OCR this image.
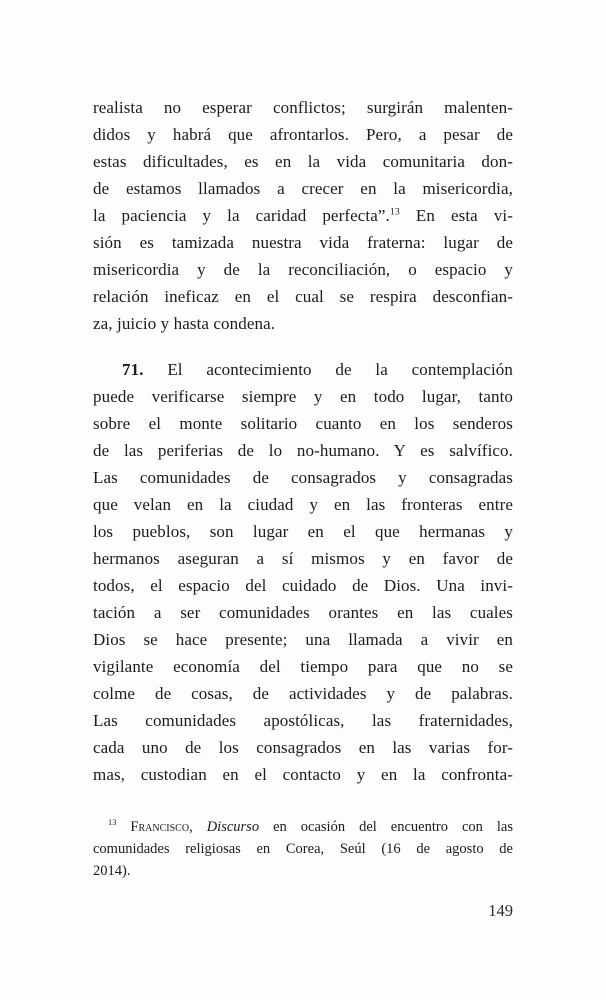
realista no esperar conflictos; surgirán malenten-
didos y habrá que afrontarlos. Pero, a pesar de
estas dificultades, es en la vida comunitaria don-
de estamos llamados a crecer en la misericordia,
la paciencia y la caridad perfecta”.$^{13}$ En esta vi-
sión es tamizada nuestra vida fraterna: lugar de
misericordia y de la reconciliación, o espacio y
relación ineficaz en el cual se respira desconfian-
za, juicio y hasta condena.
71. El acontecimiento de la contemplación
puede verificarse siempre y en todo lugar, tanto
sobre el monte solitario cuanto en los senderos
de las periferias de lo no-humano. Y es salvífico.
Las comunidades de consagrados y consagradas
que velan en la ciudad y en las fronteras entre
los pueblos, son lugar en el que hermanas y
hermanos aseguran a sí mismos y en favor de
todos, el espacio del cuidado de Dios. Una invi-
tación a ser comunidades orantes en las cuales
Dios se hace presente; una llamada a vivir en
vigilante economía del tiempo para que no se
colme de cosas, de actividades y de palabras.
Las comunidades apostólicas, las fraternidades,
cada uno de los consagrados en las varias for-
mas, custodian en el contacto y en la confronta-
$^{13}$ Francisco, Discurso en ocasión del encuentro con las
comunidades religiosas en Corea, Seúl (16 de agosto de
2014).
149
